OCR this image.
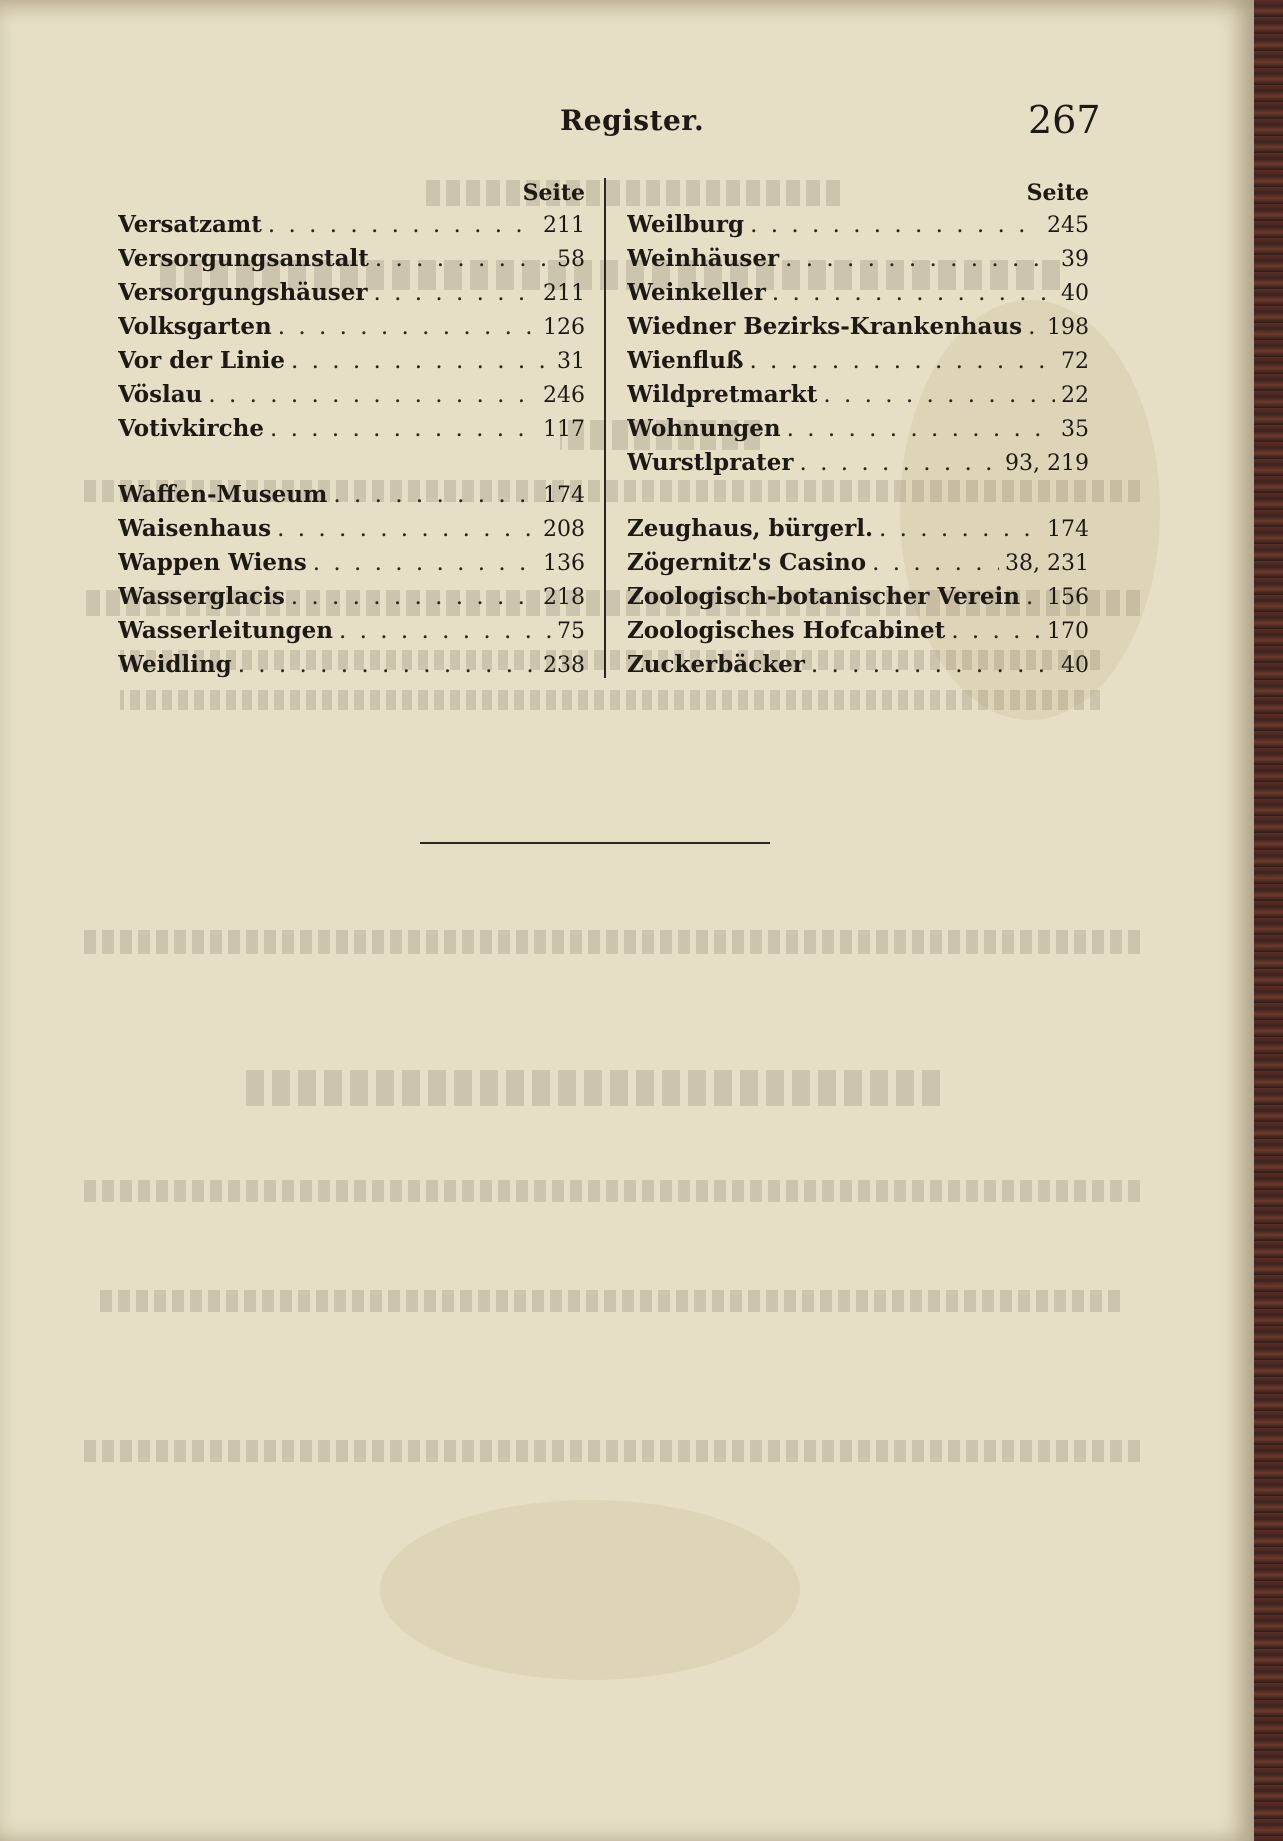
Register.	267
Seite
Versatzamt . . .	211
Versorgungsanstalt . . .	58
Versorgungshäuser . . .	211
Volksgarten . . .	126
Vor der Linie . . .	31
Vöslau . . .	246
Votivkirche . . .	117
Waffen-Museum . . .	174
Waisenhaus . . .	208
Wappen Wiens . . .	136
Wasserglacis . . .	218
Wasserleitungen . . .	75
Weidling . . .	238
Seite
Weilburg . . .	245
Weinhäuser . . .	39
Weinkeller . . .	40
Wiedner Bezirks-Krankenhaus . . . 198
Wienfluß . . .	72
Wildpretmarkt . . .	22
Wohnungen . . .	35
Wurstlprater . . .	93, 219
Zeughaus, bürgerl. . . .	174
Zögernitz's Casino . . .	38, 231
Zoologisch-botanischer Verein . . . 156
Zoologisches Hofcabinet . . .	170
Zuckerbäcker . . .	40
